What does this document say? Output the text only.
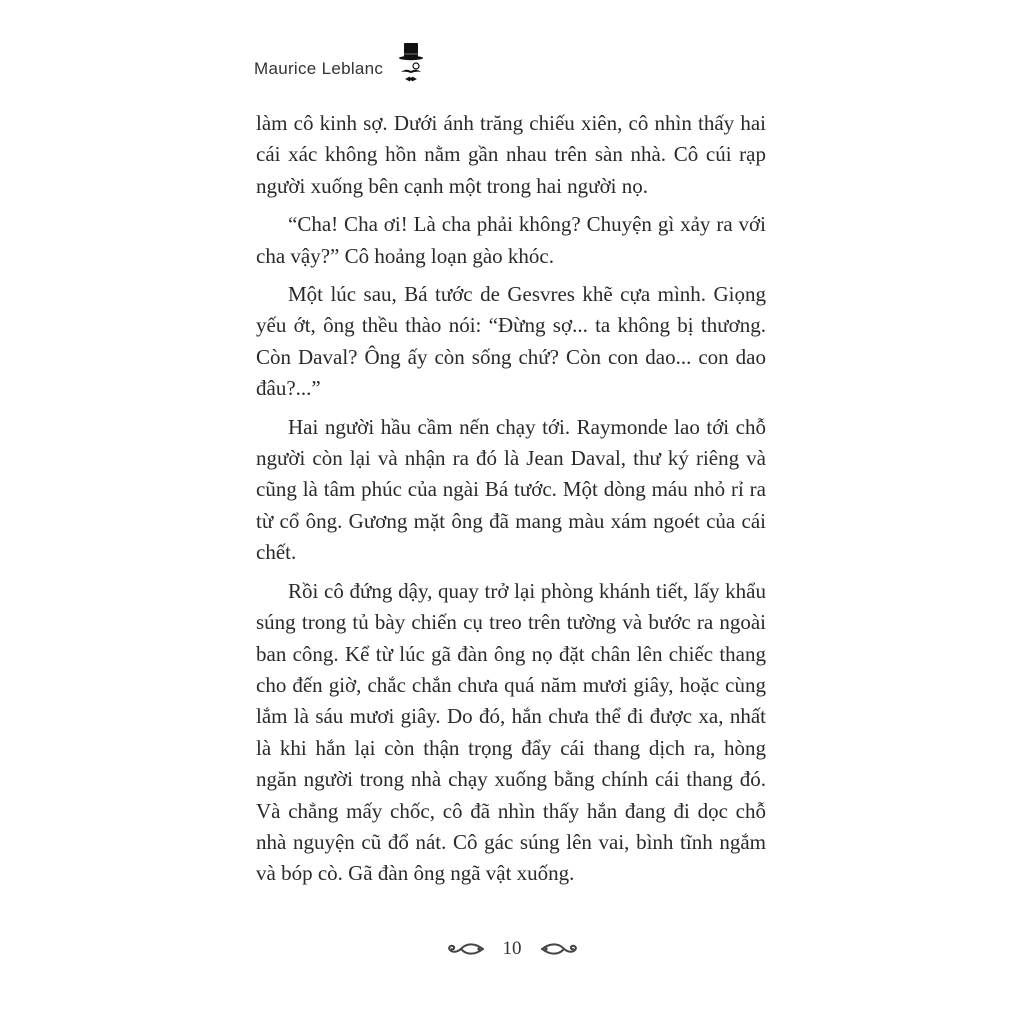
Maurice Leblanc

làm cô kinh sợ. Dưới ánh trăng chiếu xiên, cô nhìn thấy hai cái xác không hồn nằm gần nhau trên sàn nhà. Cô cúi rạp người xuống bên cạnh một trong hai người nọ.

“Cha! Cha ơi! Là cha phải không? Chuyện gì xảy ra với cha vậy?” Cô hoảng loạn gào khóc.

Một lúc sau, Bá tước de Gesvres khẽ cựa mình. Giọng yếu ớt, ông thều thào nói: “Đừng sợ... ta không bị thương. Còn Daval? Ông ấy còn sống chứ? Còn con dao... con dao đâu?...”

Hai người hầu cầm nến chạy tới. Raymonde lao tới chỗ người còn lại và nhận ra đó là Jean Daval, thư ký riêng và cũng là tâm phúc của ngài Bá tước. Một dòng máu nhỏ rỉ ra từ cổ ông. Gương mặt ông đã mang màu xám ngoét của cái chết.

Rồi cô đứng dậy, quay trở lại phòng khánh tiết, lấy khẩu súng trong tủ bày chiến cụ treo trên tường và bước ra ngoài ban công. Kể từ lúc gã đàn ông nọ đặt chân lên chiếc thang cho đến giờ, chắc chắn chưa quá năm mươi giây, hoặc cùng lắm là sáu mươi giây. Do đó, hắn chưa thể đi được xa, nhất là khi hắn lại còn thận trọng đẩy cái thang dịch ra, hòng ngăn người trong nhà chạy xuống bằng chính cái thang đó. Và chẳng mấy chốc, cô đã nhìn thấy hắn đang đi dọc chỗ nhà nguyện cũ đổ nát. Cô gác súng lên vai, bình tĩnh ngắm và bóp cò. Gã đàn ông ngã vật xuống.

10
